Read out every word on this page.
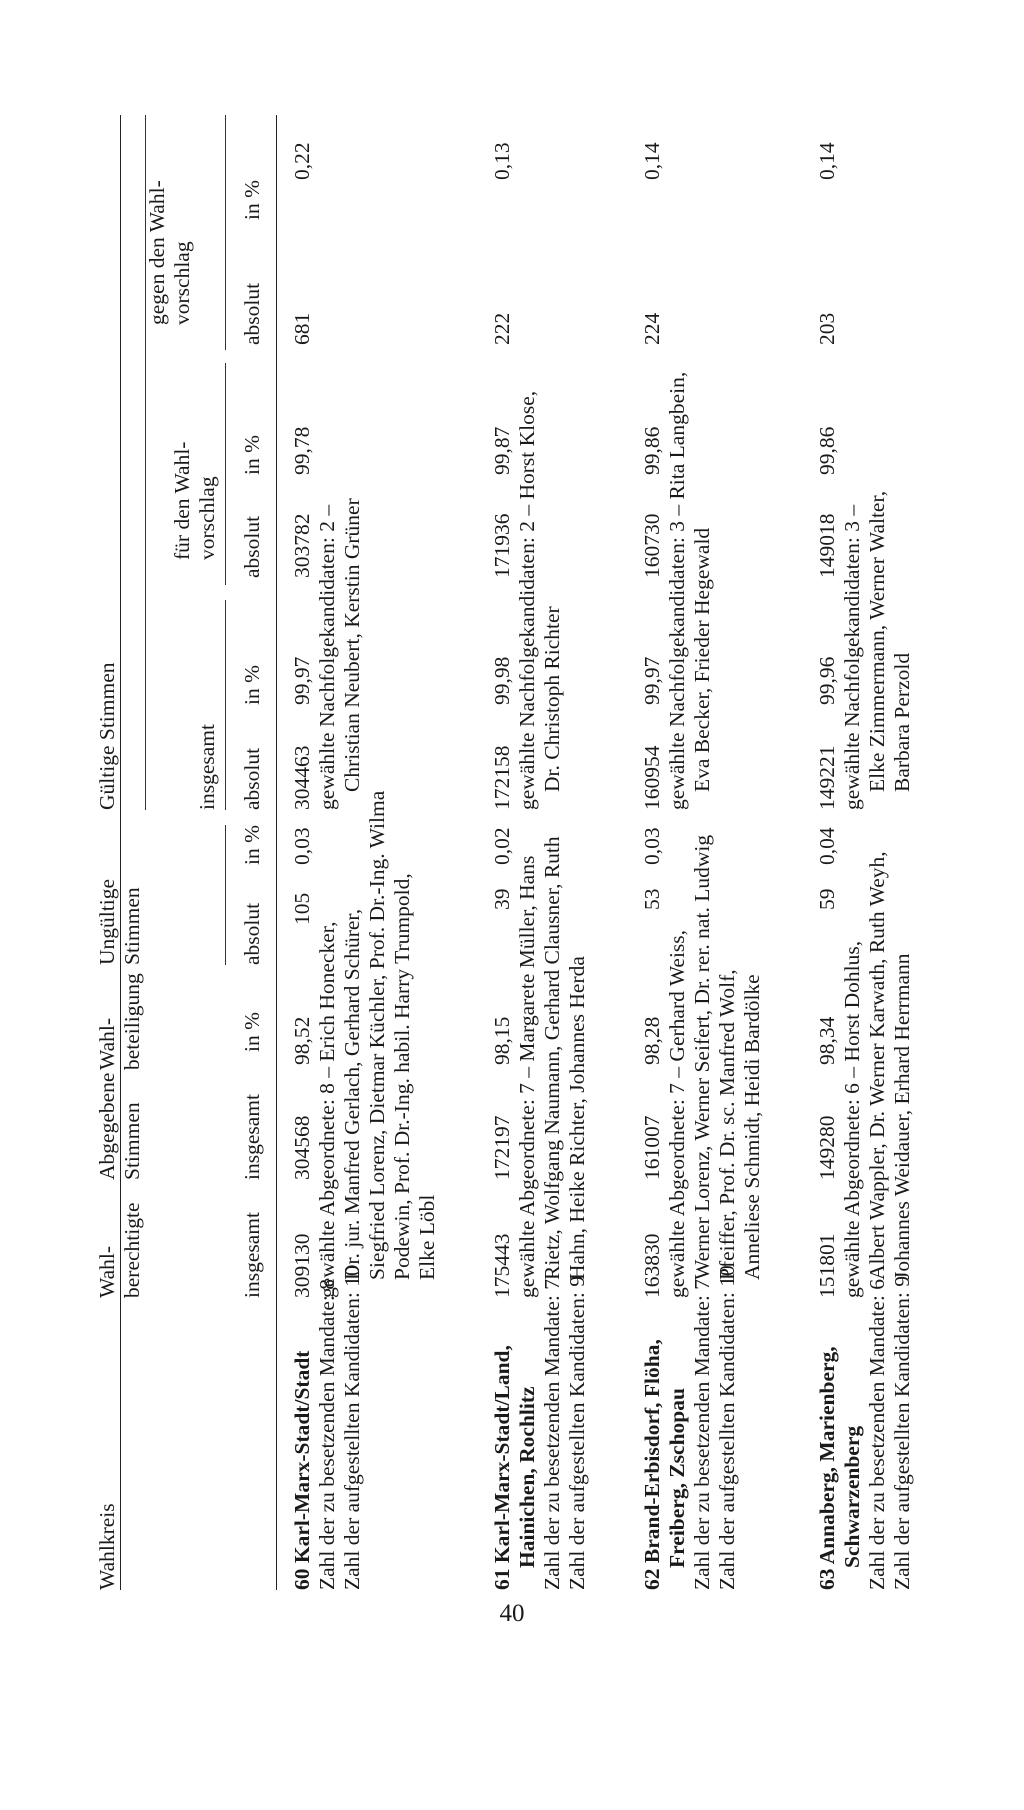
Wahlkreis
Wahl- berechtigte
Abgegebene Stimmen
Wahl- beteiligung
Ungültige Stimmen
Gültige Stimmen	insgesamt
für den Wahl- vorschlag
gegen den Wahl- vorschlag
insgesamt
insgesamt
in %
absolut
in %
absolut
in %
absolut
in %
absolut
in %
60 Karl-Marx-Stadt/Stadt Zahl der zu besetzenden Mandate: 8 Zahl der aufgestellten Kandidaten: 10
309130
304568
98,52
105
0,03
304463
99,97
303782
99,78
681
0,22
gewählte Abgeordnete: 8 – Erich Honecker, Dr. jur. Manfred Gerlach, Gerhard Schürer, Siegfried Lorenz, Dietmar Küchler, Prof. Dr.-Ing. Wilma Podewin, Prof. Dr.-Ing. habil. Harry Trumpold, Elke Löbl
gewählte Nachfolgekandidaten: 2 – Christian Neubert, Kerstin Grüner
61 Karl-Marx-Stadt/Land, Hainichen, Rochlitz Zahl der zu besetzenden Mandate: 7 Zahl der aufgestellten Kandidaten: 9
175443
172197
98,15
39
0,02
172158
99,98
171936
99,87
222
0,13
gewählte Abgeordnete: 7 – Margarete Müller, Hans Rietz, Wolfgang Naumann, Gerhard Clausner, Ruth Hahn, Heike Richter, Johannes Herda
gewählte Nachfolgekandidaten: 2 – Horst Klose, Dr. Christoph Richter
62 Brand-Erbisdorf, Flöha, Freiberg, Zschopau Zahl der zu besetzenden Mandate: 7 Zahl der aufgestellten Kandidaten: 10
163830
161007
98,28
53
0,03
160954
99,97
160730
99,86
224
0,14
gewählte Abgeordnete: 7 – Gerhard Weiss, Werner Lorenz, Werner Seifert, Dr. rer. nat. Ludwig Pfeiffer, Prof. Dr. sc. Manfred Wolf, Anneliese Schmidt, Heidi Bardölke
gewählte Nachfolgekandidaten: 3 – Rita Langbein, Eva Becker, Frieder Hegewald
63 Annaberg, Marienberg, Schwarzenberg Zahl der zu besetzenden Mandate: 6 Zahl der aufgestellten Kandidaten: 9
151801
149280
98,34
59
0,04
149221
99,96
149018
99,86
203
0,14
gewählte Abgeordnete: 6 – Horst Dohlus, Albert Wappler, Dr. Werner Karwath, Ruth Weyh, Johannes Weidauer, Erhard Herrmann
gewählte Nachfolgekandidaten: 3 – Elke Zimmermann, Werner Walter, Barbara Perzold
40
